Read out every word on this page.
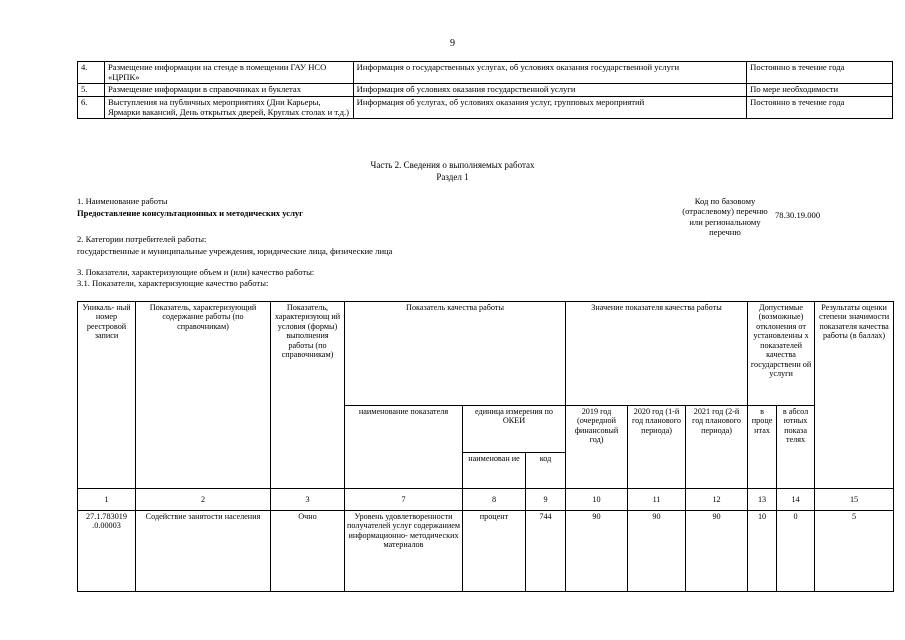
9
4.	Размещение информации на стенде в помещении ГАУ НСО «ЦРПК»	Информация о государственных услугах, об условиях оказания государственной услуги	Постоянно в течение года
5.	Размещение информации в справочниках и буклетах	Информация об условиях оказания государственной услуги	По мере необходимости
6.	Выступления на публичных мероприятиях (Дни Карьеры, Ярмарки вакансий, День открытых дверей, Круглых столах и т.д.)	Информация об услугах, об условиях оказания услуг, групповых мероприятий	Постоянно в течение года
Часть 2. Сведения о выполняемых работах
Раздел 1
1. Наименование работы
Предоставление консультационных и методических услуг
Код по базовому (отраслевому) перечню или региональному перечню
78.30.19.000
2. Категории потребителей работы:
государственные и муниципальные учреждения, юридические лица, физические лица
3. Показатели, характеризующие объем и (или) качество работы:
3.1. Показатели, характеризующие качество работы:
Уникаль- ный номер реестровой записи	Показатель, характеризующий содержание работы (по справочникам)	Показатель, характеризующ ий условия (формы) выполнения работы (по справочникам)	Показатель качества работы			Значение показателя качества работы			Допустимые (возможные) отклонения от установленны х показателей качества государственн ой услуги		Результаты оценки степени значимости показателя качества работы (в баллах)
			наименование показателя	единица измерения по ОКЕИ		2019 год (очередной финансовый год)	2020 год (1-й год планового периода)	2021 год (2-й год планового периода)	в проце нтах	в абсол ютных показа телях	
				наименован ие	код						
1	2	3	7	8	9	10	11	12	13	14	15
27.1.783019 .0.00003	Содействие занятости населения	Очно	Уровень удовлетворенности получателей услуг содержанием информационно- методических материалов	процент	744	90	90	90	10	0	5
